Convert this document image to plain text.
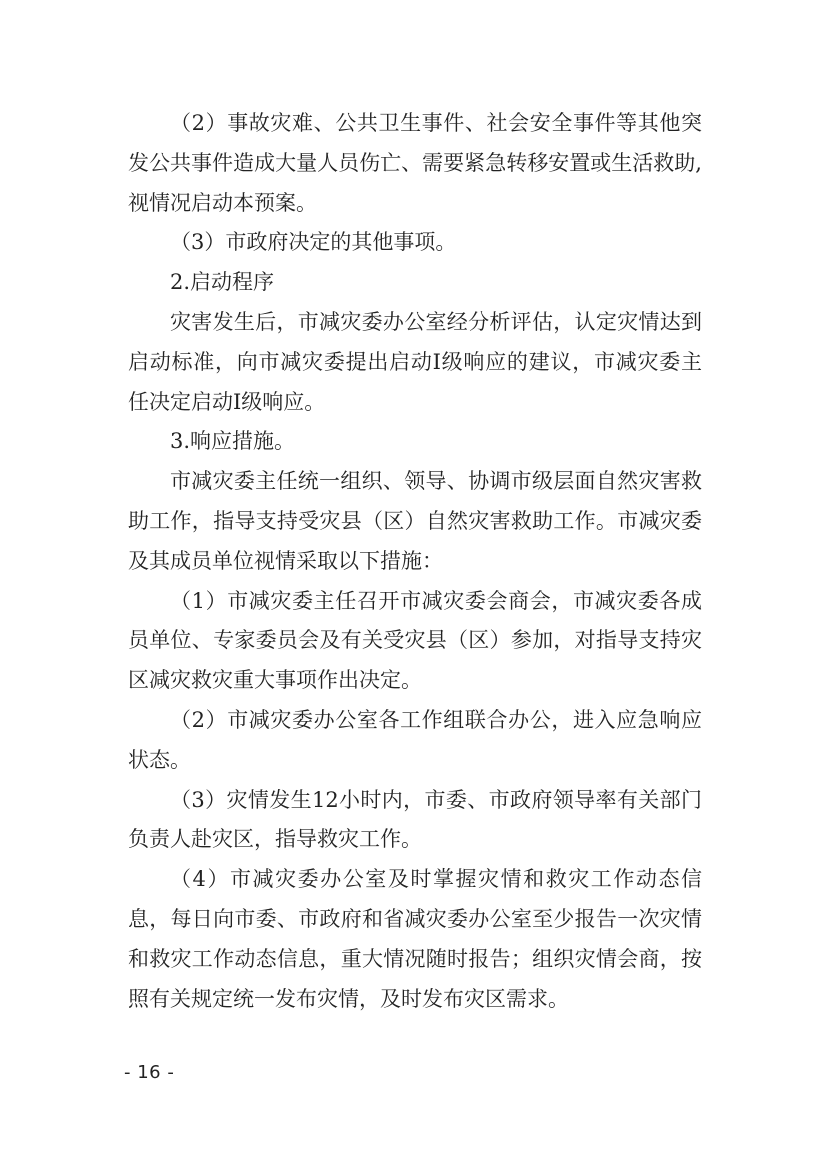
（2）事故灾难、公共卫生事件、社会安全事件等其他突发公共事件造成大量人员伤亡、需要紧急转移安置或生活救助,视情况启动本预案。

（3）市政府决定的其他事项。

2.启动程序

灾害发生后，市减灾委办公室经分析评估，认定灾情达到启动标准，向市减灾委提出启动Ⅰ级响应的建议，市减灾委主任决定启动Ⅰ级响应。

3.响应措施。

市减灾委主任统一组织、领导、协调市级层面自然灾害救助工作，指导支持受灾县（区）自然灾害救助工作。市减灾委及其成员单位视情采取以下措施：

（1）市减灾委主任召开市减灾委会商会，市减灾委各成员单位、专家委员会及有关受灾县（区）参加，对指导支持灾区减灾救灾重大事项作出决定。

（2）市减灾委办公室各工作组联合办公，进入应急响应状态。

（3）灾情发生12小时内，市委、市政府领导率有关部门负责人赴灾区，指导救灾工作。

（4）市减灾委办公室及时掌握灾情和救灾工作动态信息，每日向市委、市政府和省减灾委办公室至少报告一次灾情和救灾工作动态信息，重大情况随时报告；组织灾情会商，按照有关规定统一发布灾情，及时发布灾区需求。

- 16 -
